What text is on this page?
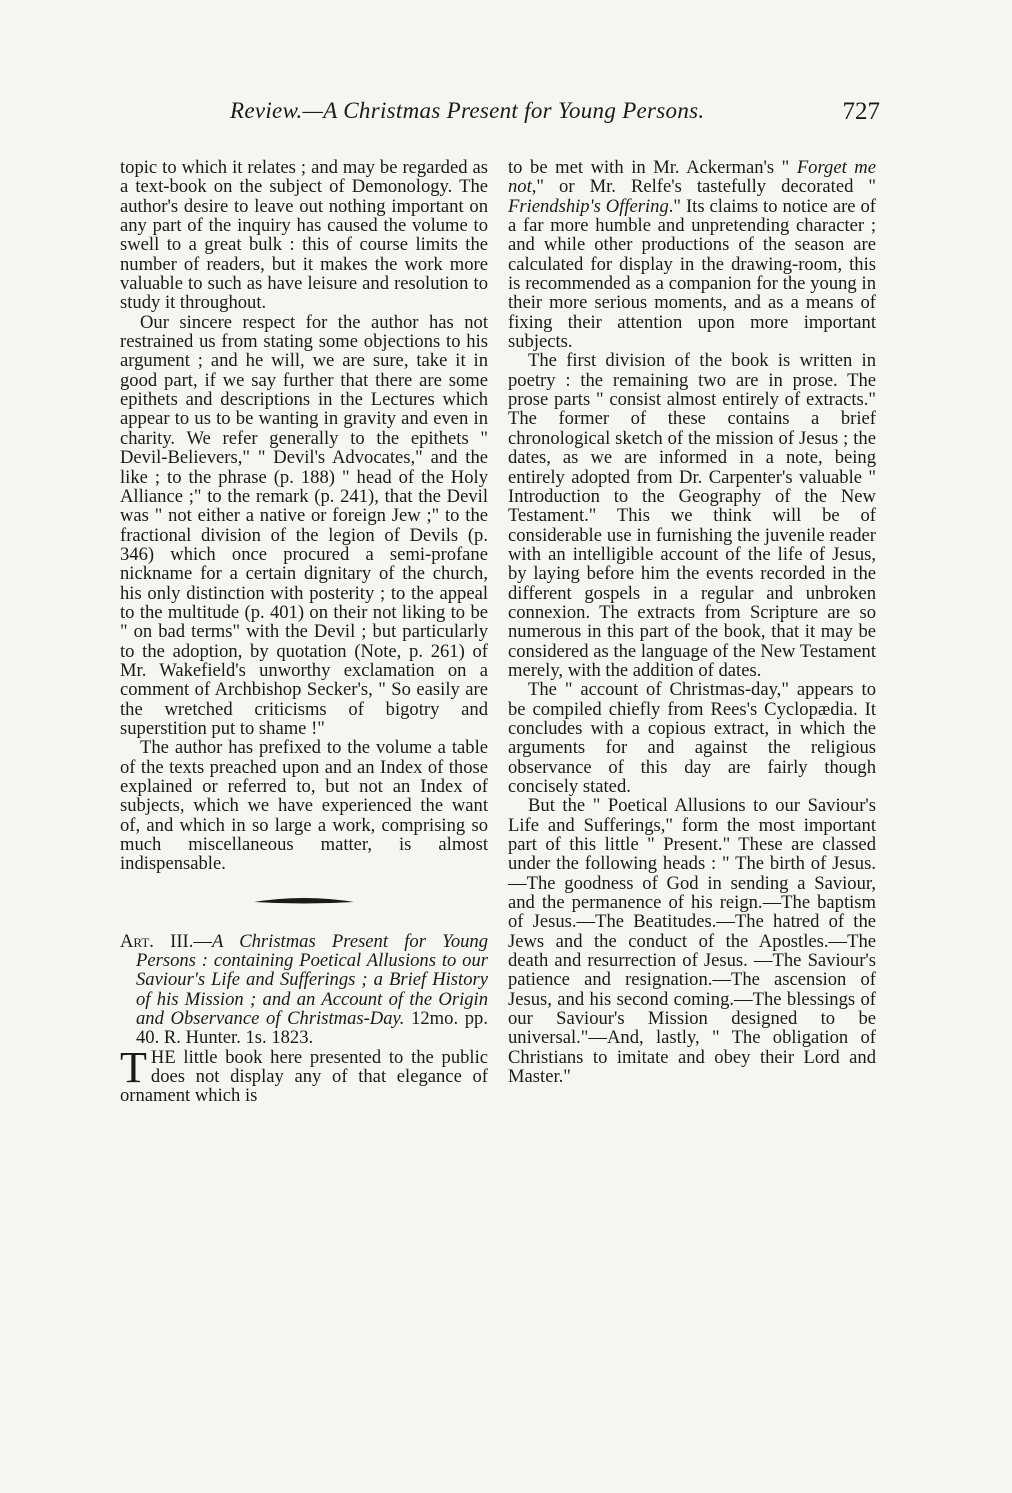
Review.—A Christmas Present for Young Persons.	727

topic to which it relates ; and may be regarded as a text-book on the subject of Demonology. The author's desire to leave out nothing important on any part of the inquiry has caused the volume to swell to a great bulk : this of course limits the number of readers, but it makes the work more valuable to such as have leisure and resolution to study it throughout.

Our sincere respect for the author has not restrained us from stating some objections to his argument ; and he will, we are sure, take it in good part, if we say further that there are some epithets and descriptions in the Lectures which appear to us to be wanting in gravity and even in charity. We refer generally to the epithets " Devil-Believers," " Devil's Advocates," and the like ; to the phrase (p. 188) " head of the Holy Alliance ;" to the remark (p. 241), that the Devil was " not either a native or foreign Jew ;" to the fractional division of the legion of Devils (p. 346) which once procured a semi-profane nickname for a certain dignitary of the church, his only distinction with posterity ; to the appeal to the multitude (p. 401) on their not liking to be " on bad terms" with the Devil ; but particularly to the adoption, by quotation (Note, p. 261) of Mr. Wakefield's unworthy exclamation on a comment of Archbishop Secker's, " So easily are the wretched criticisms of bigotry and superstition put to shame !"

The author has prefixed to the volume a table of the texts preached upon and an Index of those explained or referred to, but not an Index of subjects, which we have experienced the want of, and which in so large a work, comprising so much miscellaneous matter, is almost indispensable.

Art. III.—A Christmas Present for Young Persons : containing Poetical Allusions to our Saviour's Life and Sufferings ; a Brief History of his Mission ; and an Account of the Origin and Observance of Christmas-Day. 12mo. pp. 40. R. Hunter. 1s. 1823.

THE little book here presented to the public does not display any of that elegance of ornament which is

to be met with in Mr. Ackerman's " Forget me not," or Mr. Relfe's tastefully decorated " Friendship's Offering." Its claims to notice are of a far more humble and unpretending character ; and while other productions of the season are calculated for display in the drawing-room, this is recommended as a companion for the young in their more serious moments, and as a means of fixing their attention upon more important subjects.

The first division of the book is written in poetry : the remaining two are in prose. The prose parts " consist almost entirely of extracts." The former of these contains a brief chronological sketch of the mission of Jesus ; the dates, as we are informed in a note, being entirely adopted from Dr. Carpenter's valuable " Introduction to the Geography of the New Testament." This we think will be of considerable use in furnishing the juvenile reader with an intelligible account of the life of Jesus, by laying before him the events recorded in the different gospels in a regular and unbroken connexion. The extracts from Scripture are so numerous in this part of the book, that it may be considered as the language of the New Testament merely, with the addition of dates.

The " account of Christmas-day," appears to be compiled chiefly from Rees's Cyclopædia. It concludes with a copious extract, in which the arguments for and against the religious observance of this day are fairly though concisely stated.

But the " Poetical Allusions to our Saviour's Life and Sufferings," form the most important part of this little " Present." These are classed under the following heads : " The birth of Jesus.—The goodness of God in sending a Saviour, and the permanence of his reign.—The baptism of Jesus.—The Beatitudes.—The hatred of the Jews and the conduct of the Apostles.—The death and resurrection of Jesus. —The Saviour's patience and resignation.—The ascension of Jesus, and his second coming.—The blessings of our Saviour's Mission designed to be universal."—And, lastly, " The obligation of Christians to imitate and obey their Lord and Master."
